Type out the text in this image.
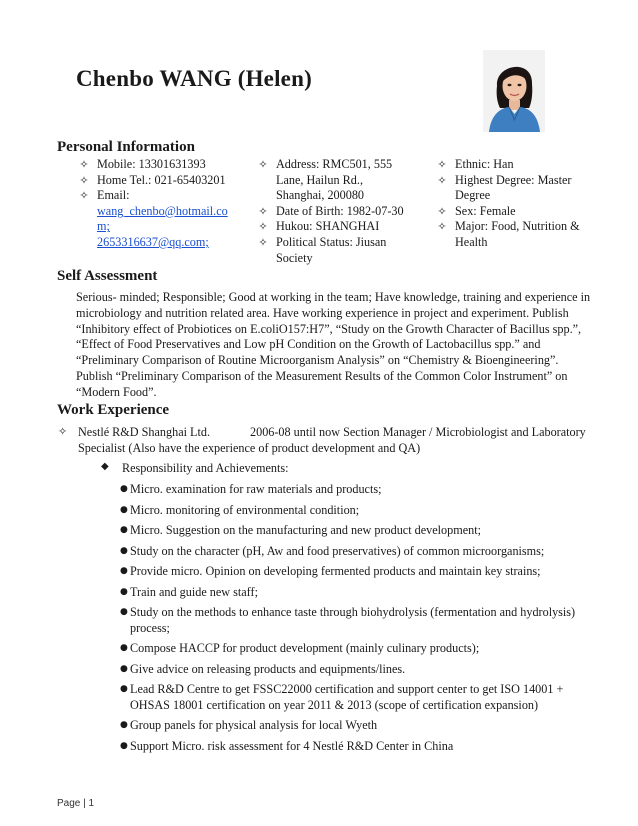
Chenbo WANG (Helen)
Personal Information
✧ Mobile: 13301631393
✧ Home Tel.: 021-65403201
✧ Email:
wang_chenbo@hotmail.co
m;
2653316637@qq.com;
✧ Address: RMC501, 555
Lane, Hailun Rd.,
Shanghai, 200080
✧ Date of Birth: 1982-07-30
✧ Hukou: SHANGHAI
✧ Political Status: Jiusan
Society
✧ Ethnic: Han
✧ Highest Degree: Master
Degree
✧ Sex: Female
✧ Major: Food, Nutrition &
Health
Self Assessment
Serious- minded; Responsible; Good at working in the team; Have knowledge, training and experience in
microbiology and nutrition related area. Have working experience in project and experiment. Publish
“Inhibitory effect of Probiotices on E.coliO157:H7”, “Study on the Growth Character of Bacillus spp.”,
“Effect of Food Preservatives and Low pH Condition on the Growth of Lactobacillus spp.” and
“Preliminary Comparison of Routine Microorganism Analysis” on “Chemistry & Bioengineering”.
Publish “Preliminary Comparison of the Measurement Results of the Common Color Instrument” on
“Modern Food”.
Work Experience
✧ Nestlé R&D Shanghai Ltd.	2006-08 until now Section Manager / Microbiologist and Laboratory
Specialist (Also have the experience of product development and QA)
◆ Responsibility and Achievements:
● Micro. examination for raw materials and products;
● Micro. monitoring of environmental condition;
● Micro. Suggestion on the manufacturing and new product development;
● Study on the character (pH, Aw and food preservatives) of common microorganisms;
● Provide micro. Opinion on developing fermented products and maintain key strains;
● Train and guide new staff;
● Study on the methods to enhance taste through biohydrolysis (fermentation and hydrolysis)
process;
● Compose HACCP for product development (mainly culinary products);
● Give advice on releasing products and equipments/lines.
● Lead R&D Centre to get FSSC22000 certification and support center to get ISO 14001 +
OHSAS 18001 certification on year 2011 & 2013 (scope of certification expansion)
● Group panels for physical analysis for local Wyeth
● Support Micro. risk assessment for 4 Nestlé R&D Center in China
Page | 1
